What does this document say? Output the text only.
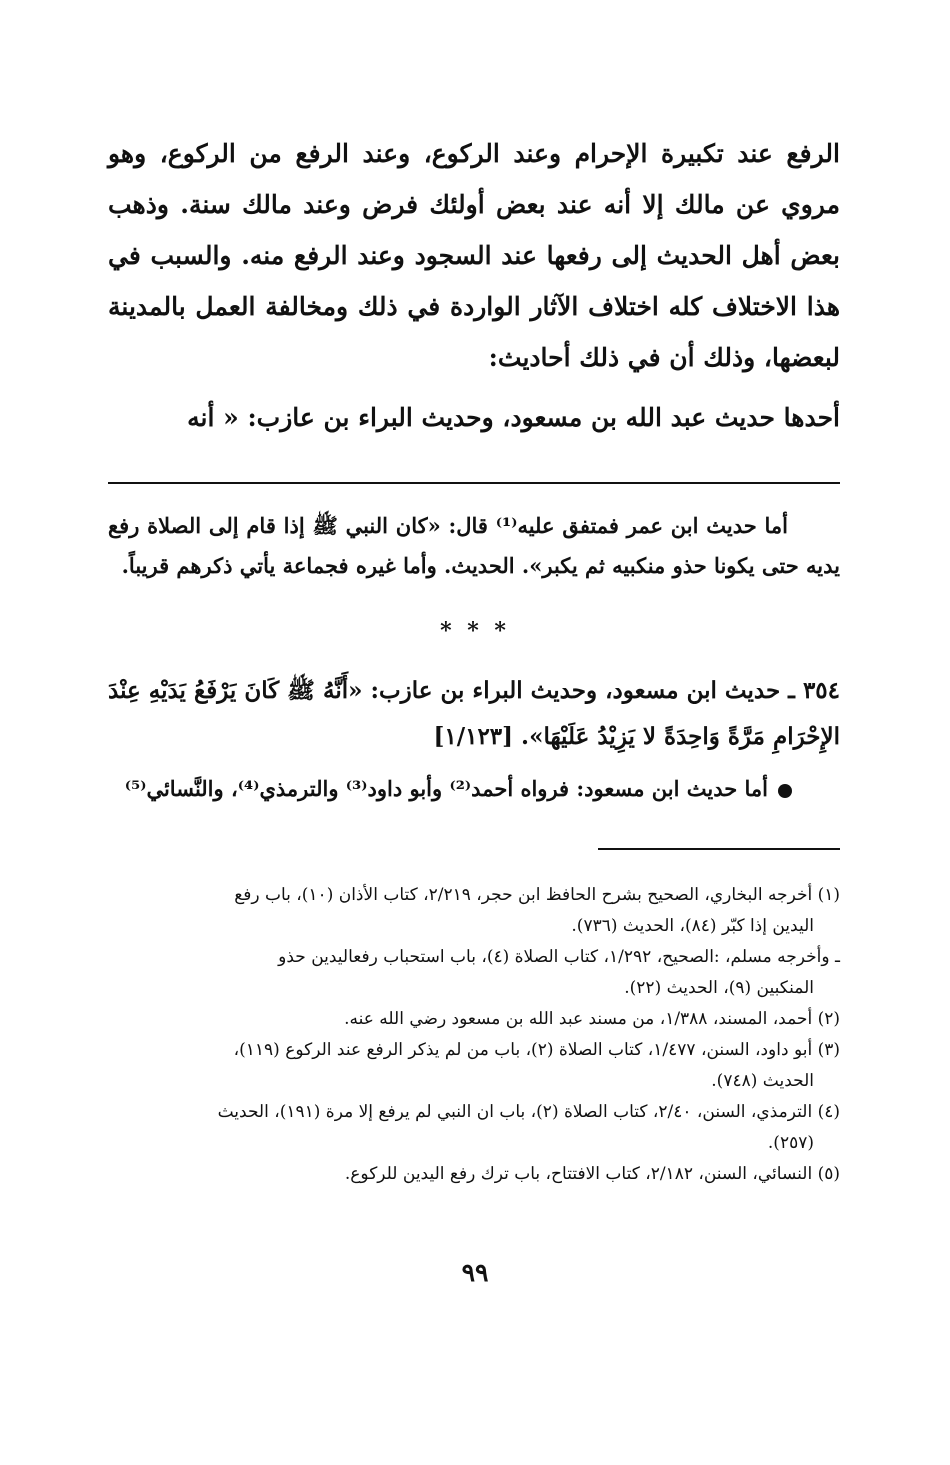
الرفع عند تكبيرة الإحرام وعند الركوع، وعند الرفع من الركوع، وهو مروي عن مالك إلا أنه عند بعض أولئك فرض وعند مالك سنة. وذهب بعض أهل الحديث إلى رفعها عند السجود وعند الرفع منه. والسبب في هذا الاختلاف كله اختلاف الآثار الواردة في ذلك ومخالفة العمل بالمدينة لبعضها، وذلك أن في ذلك أحاديث:

أحدها حديث عبد الله بن مسعود، وحديث البراء بن عازب: « أنه

أما حديث ابن عمر فمتفق عليه⁽¹⁾ قال: «كان النبي ﷺ إذا قام إلى الصلاة رفع يديه حتى يكونا حذو منكبيه ثم يكبر». الحديث. وأما غيره فجماعة يأتي ذكرهم قريباً.

* * *

٣٥٤ ـ حديث ابن مسعود، وحديث البراء بن عازب: «أَنَّهُ ﷺ كَانَ يَرْفَعُ يَدَيْهِ عِنْدَ الإِحْرَامِ مَرَّةً وَاحِدَةً لا يَزِيْدُ عَلَيْهَا». [١/١٢٣]

أما حديث ابن مسعود: فرواه أحمد⁽²⁾ وأبو داود⁽³⁾ والترمذي⁽⁴⁾، والنَّسائي⁽⁵⁾
(١) أخرجه البخاري، الصحيح بشرح الحافظ ابن حجر، ٢/٢١٩، كتاب الأذان (١٠)، باب رفع
اليدين إذا كبّر (٨٤)، الحديث (٧٣٦).
ـ وأخرجه مسلم، :الصحيح، ١/٢٩٢، كتاب الصلاة (٤)، باب استحباب رفعاليدين حذو
المنكبين (٩)، الحديث (٢٢).
(٢) أحمد، المسند، ١/٣٨٨، من مسند عبد الله بن مسعود رضي الله عنه.
(٣) أبو داود، السنن، ١/٤٧٧، كتاب الصلاة (٢)، باب من لم يذكر الرفع عند الركوع (١١٩)،
الحديث (٧٤٨).
(٤) الترمذي، السنن، ٢/٤٠، كتاب الصلاة (٢)، باب ان النبي لم يرفع إلا مرة (١٩١)، الحديث
(٢٥٧).
(٥) النسائي، السنن، ٢/١٨٢، كتاب الافتتاح، باب ترك رفع اليدين للركوع.
٩٩
